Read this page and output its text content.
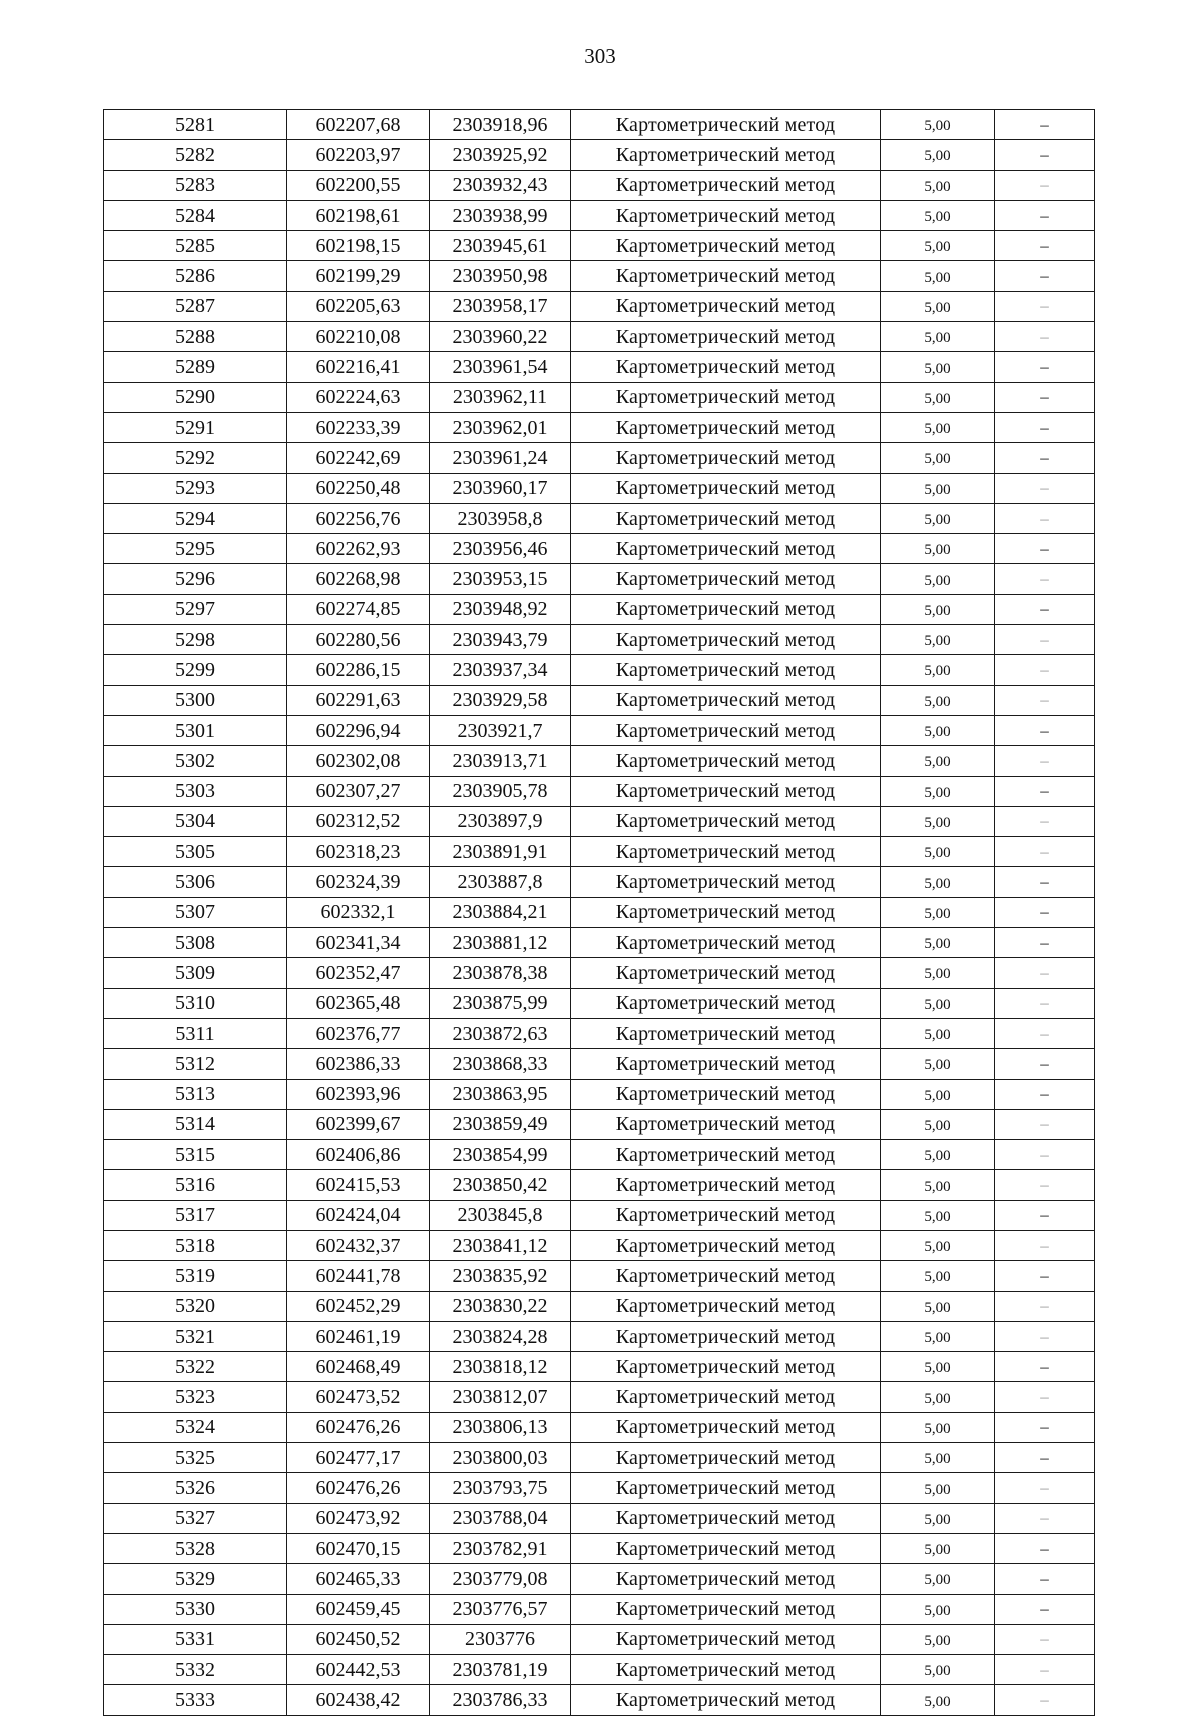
303
5281	602207,68	2303918,96	Картометрический метод	5,00	–
5282	602203,97	2303925,92	Картометрический метод	5,00	–
5283	602200,55	2303932,43	Картометрический метод	5,00	–
5284	602198,61	2303938,99	Картометрический метод	5,00	–
5285	602198,15	2303945,61	Картометрический метод	5,00	–
5286	602199,29	2303950,98	Картометрический метод	5,00	–
5287	602205,63	2303958,17	Картометрический метод	5,00	–
5288	602210,08	2303960,22	Картометрический метод	5,00	–
5289	602216,41	2303961,54	Картометрический метод	5,00	–
5290	602224,63	2303962,11	Картометрический метод	5,00	–
5291	602233,39	2303962,01	Картометрический метод	5,00	–
5292	602242,69	2303961,24	Картометрический метод	5,00	–
5293	602250,48	2303960,17	Картометрический метод	5,00	–
5294	602256,76	2303958,8	Картометрический метод	5,00	–
5295	602262,93	2303956,46	Картометрический метод	5,00	–
5296	602268,98	2303953,15	Картометрический метод	5,00	–
5297	602274,85	2303948,92	Картометрический метод	5,00	–
5298	602280,56	2303943,79	Картометрический метод	5,00	–
5299	602286,15	2303937,34	Картометрический метод	5,00	–
5300	602291,63	2303929,58	Картометрический метод	5,00	–
5301	602296,94	2303921,7	Картометрический метод	5,00	–
5302	602302,08	2303913,71	Картометрический метод	5,00	–
5303	602307,27	2303905,78	Картометрический метод	5,00	–
5304	602312,52	2303897,9	Картометрический метод	5,00	–
5305	602318,23	2303891,91	Картометрический метод	5,00	–
5306	602324,39	2303887,8	Картометрический метод	5,00	–
5307	602332,1	2303884,21	Картометрический метод	5,00	–
5308	602341,34	2303881,12	Картометрический метод	5,00	–
5309	602352,47	2303878,38	Картометрический метод	5,00	–
5310	602365,48	2303875,99	Картометрический метод	5,00	–
5311	602376,77	2303872,63	Картометрический метод	5,00	–
5312	602386,33	2303868,33	Картометрический метод	5,00	–
5313	602393,96	2303863,95	Картометрический метод	5,00	–
5314	602399,67	2303859,49	Картометрический метод	5,00	–
5315	602406,86	2303854,99	Картометрический метод	5,00	–
5316	602415,53	2303850,42	Картометрический метод	5,00	–
5317	602424,04	2303845,8	Картометрический метод	5,00	–
5318	602432,37	2303841,12	Картометрический метод	5,00	–
5319	602441,78	2303835,92	Картометрический метод	5,00	–
5320	602452,29	2303830,22	Картометрический метод	5,00	–
5321	602461,19	2303824,28	Картометрический метод	5,00	–
5322	602468,49	2303818,12	Картометрический метод	5,00	–
5323	602473,52	2303812,07	Картометрический метод	5,00	–
5324	602476,26	2303806,13	Картометрический метод	5,00	–
5325	602477,17	2303800,03	Картометрический метод	5,00	–
5326	602476,26	2303793,75	Картометрический метод	5,00	–
5327	602473,92	2303788,04	Картометрический метод	5,00	–
5328	602470,15	2303782,91	Картометрический метод	5,00	–
5329	602465,33	2303779,08	Картометрический метод	5,00	–
5330	602459,45	2303776,57	Картометрический метод	5,00	–
5331	602450,52	2303776	Картометрический метод	5,00	–
5332	602442,53	2303781,19	Картометрический метод	5,00	–
5333	602438,42	2303786,33	Картометрический метод	5,00	–
